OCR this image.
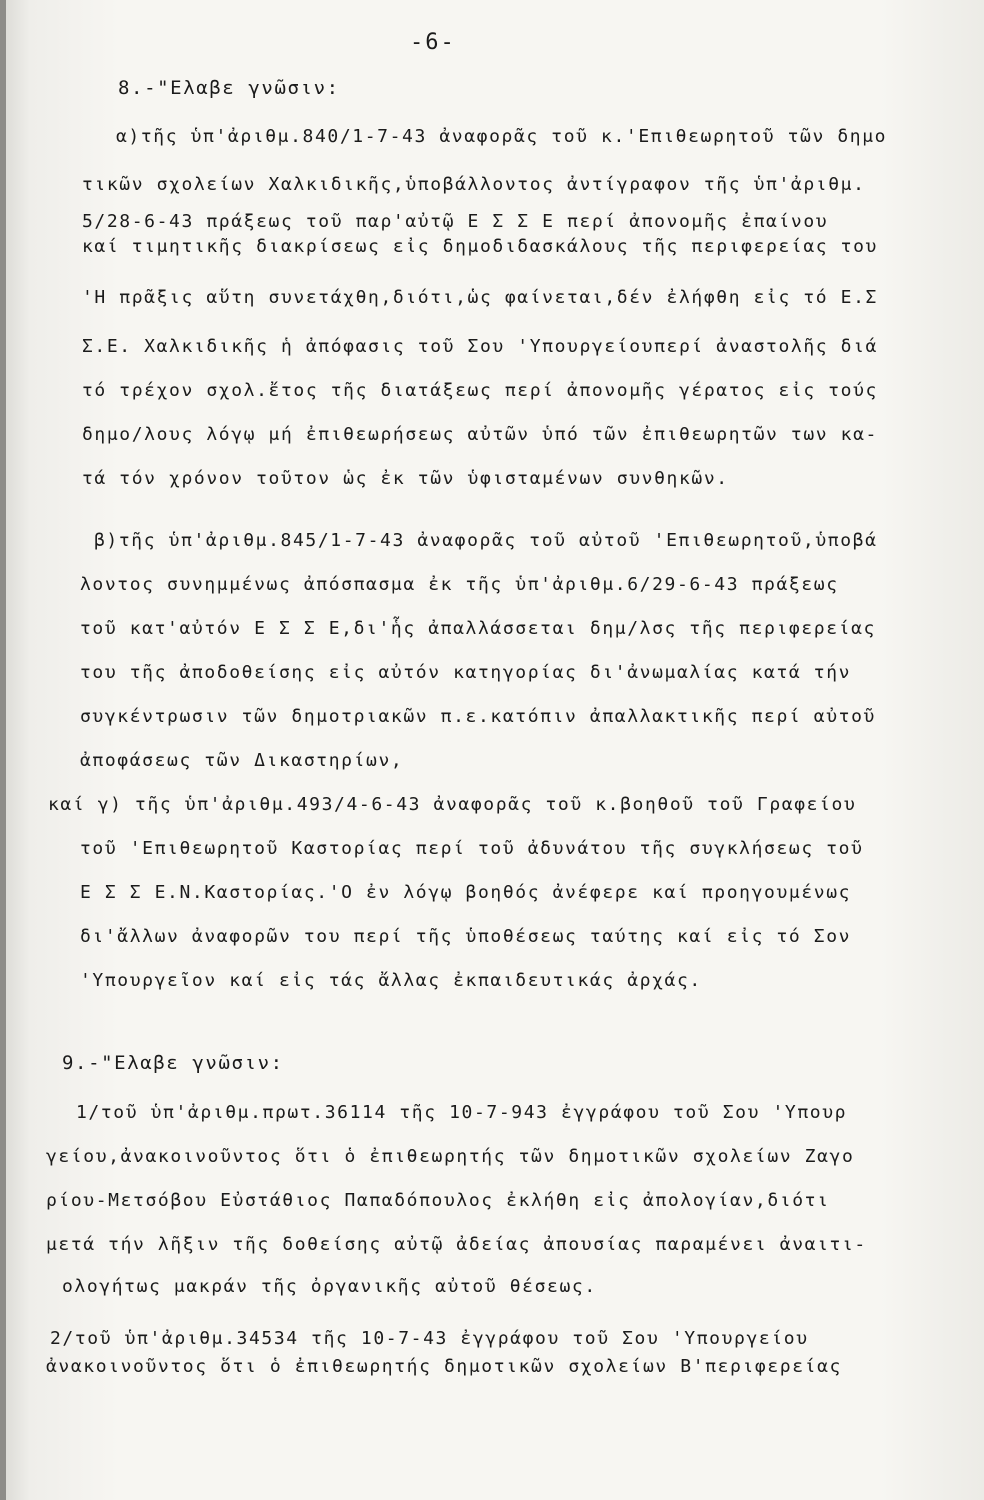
-6-
8.-"Ελαβε γνῶσιν:
α)τῆς ὑπ'ἀριθμ.840/1-7-43 ἀναφορᾶς τοῦ κ.'Επιθεωρητοῦ τῶν δημο
τικῶν σχολείων Χαλκιδικῆς,ὑποβάλλοντος ἀντίγραφον τῆς ὑπ'ἀριθμ.
5/28-6-43 πράξεως τοῦ παρ'αὐτῷ Ε Σ Σ Ε περί ἀπονομῆς ἐπαίνου
καί τιμητικῆς διακρίσεως εἰς δημοδιδασκάλους τῆς περιφερείας του
'Η πρᾶξις αὕτη συνετάχθη,διότι,ὡς φαίνεται,δέν ἐλήφθη εἰς τό Ε.Σ
Σ.Ε. Χαλκιδικῆς ἡ ἀπόφασις τοῦ Σου 'Υπουργείουπερί ἀναστολῆς διά
τό τρέχον σχολ.ἔτος τῆς διατάξεως περί ἀπονομῆς γέρατος εἰς τούς
δημο/λους λόγῳ μή ἐπιθεωρήσεως αὐτῶν ὑπό τῶν ἐπιθεωρητῶν των κα-
τά τόν χρόνον τοῦτον ὡς ἐκ τῶν ὑφισταμένων συνθηκῶν.
β)τῆς ὑπ'ἀριθμ.845/1-7-43 ἀναφορᾶς τοῦ αὐτοῦ 'Επιθεωρητοῦ,ὑποβά
λοντος συνημμένως ἀπόσπασμα ἐκ τῆς ὑπ'ἀριθμ.6/29-6-43 πράξεως
τοῦ κατ'αὐτόν Ε Σ Σ Ε,δι'ἧς ἀπαλλάσσεται δημ/λσς τῆς περιφερείας
του τῆς ἀποδοθείσης εἰς αὐτόν κατηγορίας δι'ἀνωμαλίας κατά τήν
συγκέντρωσιν τῶν δημοτριακῶν π.ε.κατόπιν ἀπαλλακτικῆς περί αὐτοῦ
ἀποφάσεως τῶν Δικαστηρίων,
καί γ) τῆς ὑπ'ἀριθμ.493/4-6-43 ἀναφορᾶς τοῦ κ.βοηθοῦ τοῦ Γραφείου
τοῦ 'Επιθεωρητοῦ Καστορίας περί τοῦ ἀδυνάτου τῆς συγκλήσεως τοῦ
Ε Σ Σ Ε.Ν.Καστορίας.'Ο ἐν λόγῳ βοηθός ἀνέφερε καί προηγουμένως
δι'ἄλλων ἀναφορῶν του περί τῆς ὑποθέσεως ταύτης καί εἰς τό Σον
'Υπουργεῖον καί εἰς τάς ἄλλας ἐκπαιδευτικάς ἀρχάς.
9.-"Ελαβε γνῶσιν:
1/τοῦ ὑπ'ἀριθμ.πρωτ.36114 τῆς 10-7-943 ἐγγράφου τοῦ Σου 'Υπουρ
γείου,ἀνακοινοῦντος ὅτι ὁ ἐπιθεωρητής τῶν δημοτικῶν σχολείων Ζαγο
ρίου-Μετσόβου Εὐστάθιος Παπαδόπουλος ἐκλήθη εἰς ἀπολογίαν,διότι
μετά τήν λῆξιν τῆς δοθείσης αὐτῷ ἀδείας ἀπουσίας παραμένει ἀναιτι-
ολογήτως μακράν τῆς ὀργανικῆς αὐτοῦ θέσεως.
2/τοῦ ὑπ'ἀριθμ.34534 τῆς 10-7-43 ἐγγράφου τοῦ Σου 'Υπουργείου
ἀνακοινοῦντος ὅτι ὁ ἐπιθεωρητής δημοτικῶν σχολείων Β'περιφερείας
